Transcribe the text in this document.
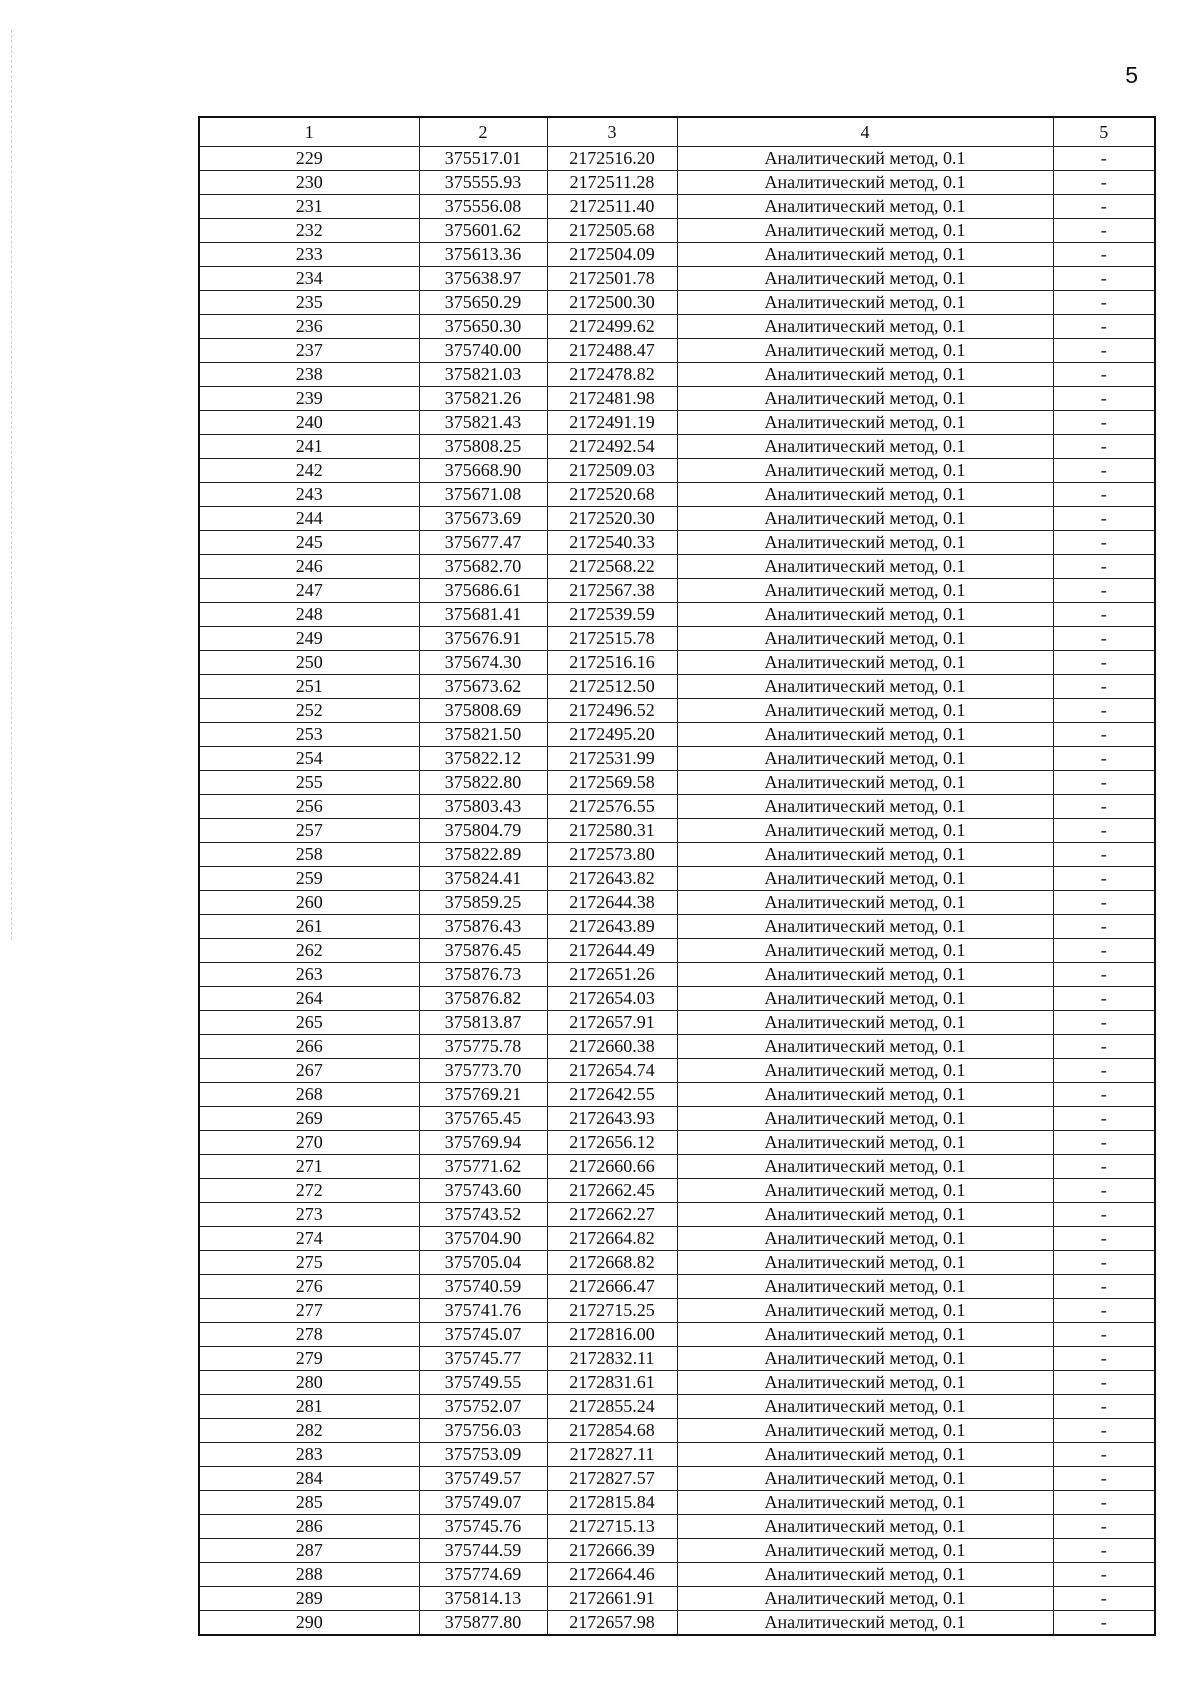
5
1	2	3	4	5
229	375517.01	2172516.20	Аналитический метод, 0.1	-
230	375555.93	2172511.28	Аналитический метод, 0.1	-
231	375556.08	2172511.40	Аналитический метод, 0.1	-
232	375601.62	2172505.68	Аналитический метод, 0.1	-
233	375613.36	2172504.09	Аналитический метод, 0.1	-
234	375638.97	2172501.78	Аналитический метод, 0.1	-
235	375650.29	2172500.30	Аналитический метод, 0.1	-
236	375650.30	2172499.62	Аналитический метод, 0.1	-
237	375740.00	2172488.47	Аналитический метод, 0.1	-
238	375821.03	2172478.82	Аналитический метод, 0.1	-
239	375821.26	2172481.98	Аналитический метод, 0.1	-
240	375821.43	2172491.19	Аналитический метод, 0.1	-
241	375808.25	2172492.54	Аналитический метод, 0.1	-
242	375668.90	2172509.03	Аналитический метод, 0.1	-
243	375671.08	2172520.68	Аналитический метод, 0.1	-
244	375673.69	2172520.30	Аналитический метод, 0.1	-
245	375677.47	2172540.33	Аналитический метод, 0.1	-
246	375682.70	2172568.22	Аналитический метод, 0.1	-
247	375686.61	2172567.38	Аналитический метод, 0.1	-
248	375681.41	2172539.59	Аналитический метод, 0.1	-
249	375676.91	2172515.78	Аналитический метод, 0.1	-
250	375674.30	2172516.16	Аналитический метод, 0.1	-
251	375673.62	2172512.50	Аналитический метод, 0.1	-
252	375808.69	2172496.52	Аналитический метод, 0.1	-
253	375821.50	2172495.20	Аналитический метод, 0.1	-
254	375822.12	2172531.99	Аналитический метод, 0.1	-
255	375822.80	2172569.58	Аналитический метод, 0.1	-
256	375803.43	2172576.55	Аналитический метод, 0.1	-
257	375804.79	2172580.31	Аналитический метод, 0.1	-
258	375822.89	2172573.80	Аналитический метод, 0.1	-
259	375824.41	2172643.82	Аналитический метод, 0.1	-
260	375859.25	2172644.38	Аналитический метод, 0.1	-
261	375876.43	2172643.89	Аналитический метод, 0.1	-
262	375876.45	2172644.49	Аналитический метод, 0.1	-
263	375876.73	2172651.26	Аналитический метод, 0.1	-
264	375876.82	2172654.03	Аналитический метод, 0.1	-
265	375813.87	2172657.91	Аналитический метод, 0.1	-
266	375775.78	2172660.38	Аналитический метод, 0.1	-
267	375773.70	2172654.74	Аналитический метод, 0.1	-
268	375769.21	2172642.55	Аналитический метод, 0.1	-
269	375765.45	2172643.93	Аналитический метод, 0.1	-
270	375769.94	2172656.12	Аналитический метод, 0.1	-
271	375771.62	2172660.66	Аналитический метод, 0.1	-
272	375743.60	2172662.45	Аналитический метод, 0.1	-
273	375743.52	2172662.27	Аналитический метод, 0.1	-
274	375704.90	2172664.82	Аналитический метод, 0.1	-
275	375705.04	2172668.82	Аналитический метод, 0.1	-
276	375740.59	2172666.47	Аналитический метод, 0.1	-
277	375741.76	2172715.25	Аналитический метод, 0.1	-
278	375745.07	2172816.00	Аналитический метод, 0.1	-
279	375745.77	2172832.11	Аналитический метод, 0.1	-
280	375749.55	2172831.61	Аналитический метод, 0.1	-
281	375752.07	2172855.24	Аналитический метод, 0.1	-
282	375756.03	2172854.68	Аналитический метод, 0.1	-
283	375753.09	2172827.11	Аналитический метод, 0.1	-
284	375749.57	2172827.57	Аналитический метод, 0.1	-
285	375749.07	2172815.84	Аналитический метод, 0.1	-
286	375745.76	2172715.13	Аналитический метод, 0.1	-
287	375744.59	2172666.39	Аналитический метод, 0.1	-
288	375774.69	2172664.46	Аналитический метод, 0.1	-
289	375814.13	2172661.91	Аналитический метод, 0.1	-
290	375877.80	2172657.98	Аналитический метод, 0.1	-
